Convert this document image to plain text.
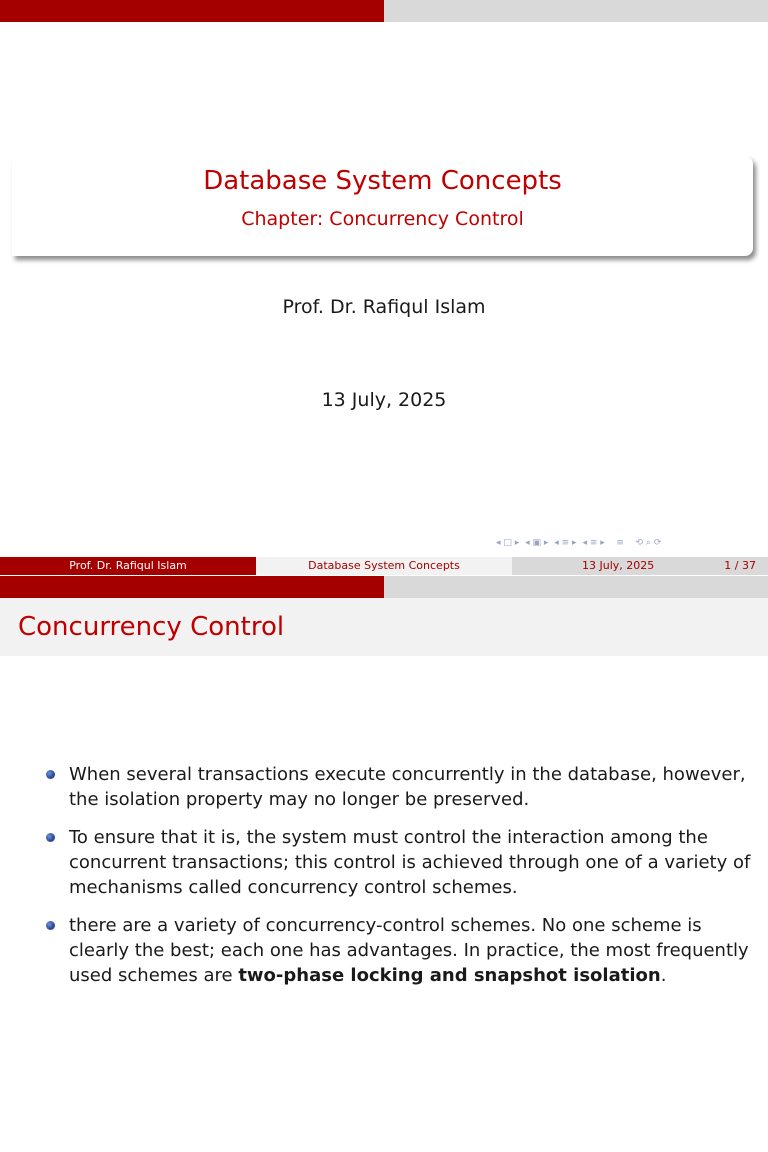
Database System Concepts
Chapter: Concurrency Control
Prof. Dr. Rafiqul Islam
13 July, 2025
◂ □ ▸ ◂ ▣ ▸ ◂ ≡ ▸ ◂ ≡ ▸   ≡   ⟲ ⌕ ⟳
Prof. Dr. Rafiqul Islam	Database System Concepts	13 July, 2025	1 / 37
Concurrency Control
When several transactions execute concurrently in the database, however, the isolation property may no longer be preserved.
To ensure that it is, the system must control the interaction among the concurrent transactions; this control is achieved through one of a variety of mechanisms called concurrency control schemes.
there are a variety of concurrency-control schemes. No one scheme is clearly the best; each one has advantages. In practice, the most frequently used schemes are two-phase locking and snapshot isolation.
